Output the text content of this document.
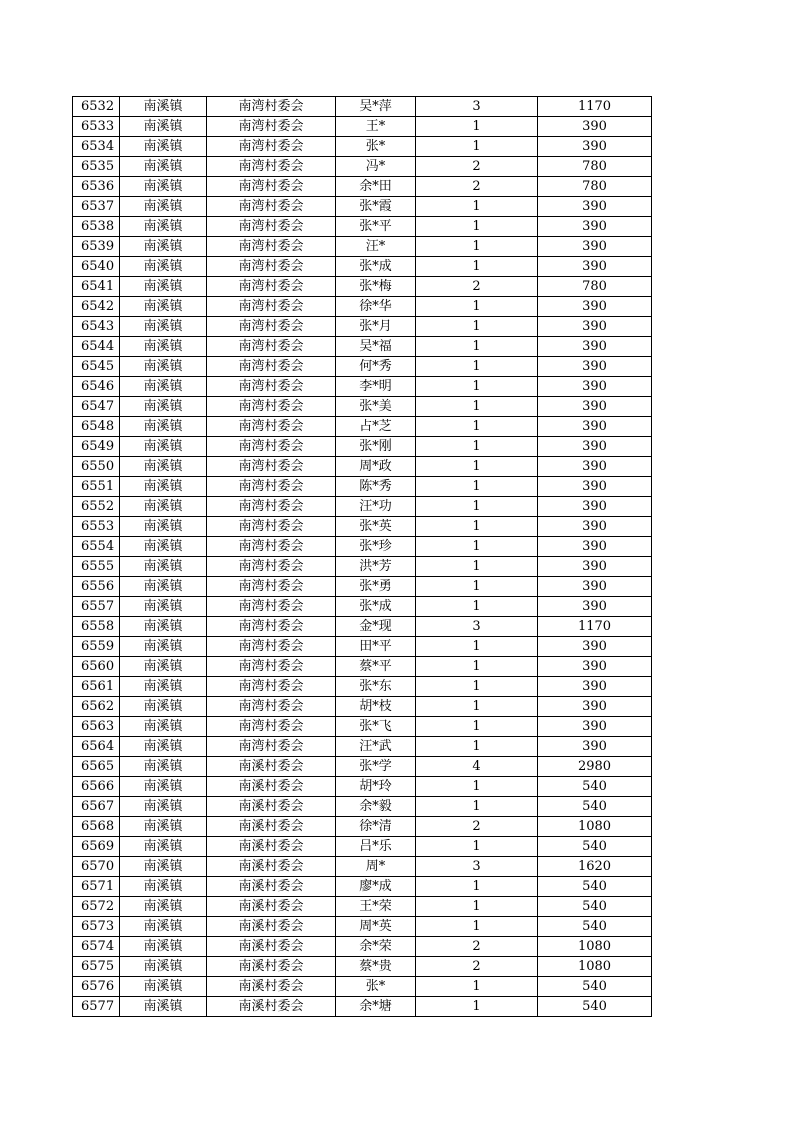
6532	南溪镇	南湾村委会	吴*萍	3	1170
6533	南溪镇	南湾村委会	王*	1	390
6534	南溪镇	南湾村委会	张*	1	390
6535	南溪镇	南湾村委会	冯*	2	780
6536	南溪镇	南湾村委会	余*田	2	780
6537	南溪镇	南湾村委会	张*霞	1	390
6538	南溪镇	南湾村委会	张*平	1	390
6539	南溪镇	南湾村委会	汪*	1	390
6540	南溪镇	南湾村委会	张*成	1	390
6541	南溪镇	南湾村委会	张*梅	2	780
6542	南溪镇	南湾村委会	徐*华	1	390
6543	南溪镇	南湾村委会	张*月	1	390
6544	南溪镇	南湾村委会	吴*福	1	390
6545	南溪镇	南湾村委会	何*秀	1	390
6546	南溪镇	南湾村委会	李*明	1	390
6547	南溪镇	南湾村委会	张*美	1	390
6548	南溪镇	南湾村委会	占*芝	1	390
6549	南溪镇	南湾村委会	张*刚	1	390
6550	南溪镇	南湾村委会	周*政	1	390
6551	南溪镇	南湾村委会	陈*秀	1	390
6552	南溪镇	南湾村委会	汪*功	1	390
6553	南溪镇	南湾村委会	张*英	1	390
6554	南溪镇	南湾村委会	张*珍	1	390
6555	南溪镇	南湾村委会	洪*芳	1	390
6556	南溪镇	南湾村委会	张*勇	1	390
6557	南溪镇	南湾村委会	张*成	1	390
6558	南溪镇	南湾村委会	金*现	3	1170
6559	南溪镇	南湾村委会	田*平	1	390
6560	南溪镇	南湾村委会	蔡*平	1	390
6561	南溪镇	南湾村委会	张*东	1	390
6562	南溪镇	南湾村委会	胡*枝	1	390
6563	南溪镇	南湾村委会	张*飞	1	390
6564	南溪镇	南湾村委会	汪*武	1	390
6565	南溪镇	南溪村委会	张*学	4	2980
6566	南溪镇	南溪村委会	胡*玲	1	540
6567	南溪镇	南溪村委会	余*毅	1	540
6568	南溪镇	南溪村委会	徐*清	2	1080
6569	南溪镇	南溪村委会	吕*乐	1	540
6570	南溪镇	南溪村委会	周*	3	1620
6571	南溪镇	南溪村委会	廖*成	1	540
6572	南溪镇	南溪村委会	王*荣	1	540
6573	南溪镇	南溪村委会	周*英	1	540
6574	南溪镇	南溪村委会	余*荣	2	1080
6575	南溪镇	南溪村委会	蔡*贵	2	1080
6576	南溪镇	南溪村委会	张*	1	540
6577	南溪镇	南溪村委会	余*塘	1	540
